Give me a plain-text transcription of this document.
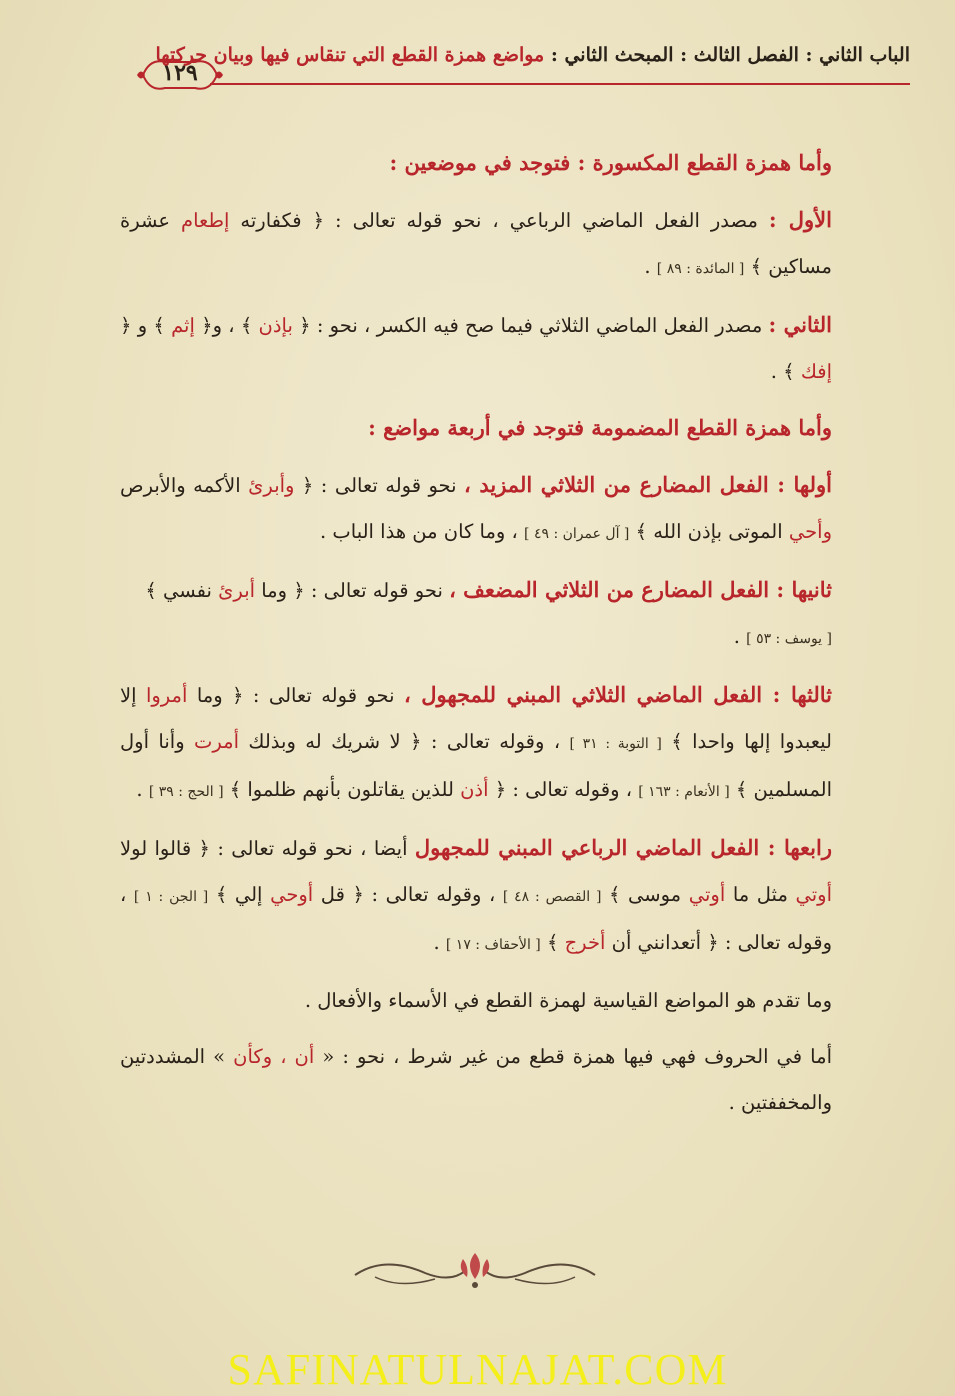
الباب الثاني : الفصل الثالث : المبحث الثاني : مواضع همزة القطع التي تنقاس فيها وبيان حركتها
١٢٩

وأما همزة القطع المكسورة : فتوجد في موضعين :

الأول : مصدر الفعل الماضي الرباعي ، نحو قوله تعالى : ﴿ فكفارته إطعام عشرة مساكين ﴾ [ المائدة : ٨٩ ] .

الثاني : مصدر الفعل الماضي الثلاثي فيما صح فيه الكسر ، نحو : ﴿ بإذن ﴾ ، و﴿ إثم ﴾ و ﴿ إفك ﴾ .

وأما همزة القطع المضمومة فتوجد في أربعة مواضع :

أولها : الفعل المضارع من الثلاثي المزيد ، نحو قوله تعالى : ﴿ وأبرئ الأكمه والأبرص وأحي الموتى بإذن الله ﴾ [ آل عمران : ٤٩ ] ، وما كان من هذا الباب .

ثانيها : الفعل المضارع من الثلاثي المضعف ، نحو قوله تعالى : ﴿ وما أبرئ نفسي ﴾
[ يوسف : ٥٣ ] .

ثالثها : الفعل الماضي الثلاثي المبني للمجهول ، نحو قوله تعالى : ﴿ وما أمروا إلا ليعبدوا إلها واحدا ﴾ [ التوبة : ٣١ ] ، وقوله تعالى : ﴿ لا شريك له وبذلك أمرت وأنا أول المسلمين ﴾ [ الأنعام : ١٦٣ ] ، وقوله تعالى : ﴿ أذن للذين يقاتلون بأنهم ظلموا ﴾ [ الحج : ٣٩ ] .

رابعها : الفعل الماضي الرباعي المبني للمجهول أيضا ، نحو قوله تعالى : ﴿ قالوا لولا أوتي مثل ما أوتي موسى ﴾ [ القصص : ٤٨ ] ، وقوله تعالى : ﴿ قل أوحي إلي ﴾ [ الجن : ١ ] ، وقوله تعالى : ﴿ أتعدانني أن أخرج ﴾ [ الأحقاف : ١٧ ] .

وما تقدم هو المواضع القياسية لهمزة القطع في الأسماء والأفعال .

أما في الحروف فهي فيها همزة قطع من غير شرط ، نحو : « أن ، وكأن » المشددتين والمخففتين .

SAFINATULNAJAT.COM
